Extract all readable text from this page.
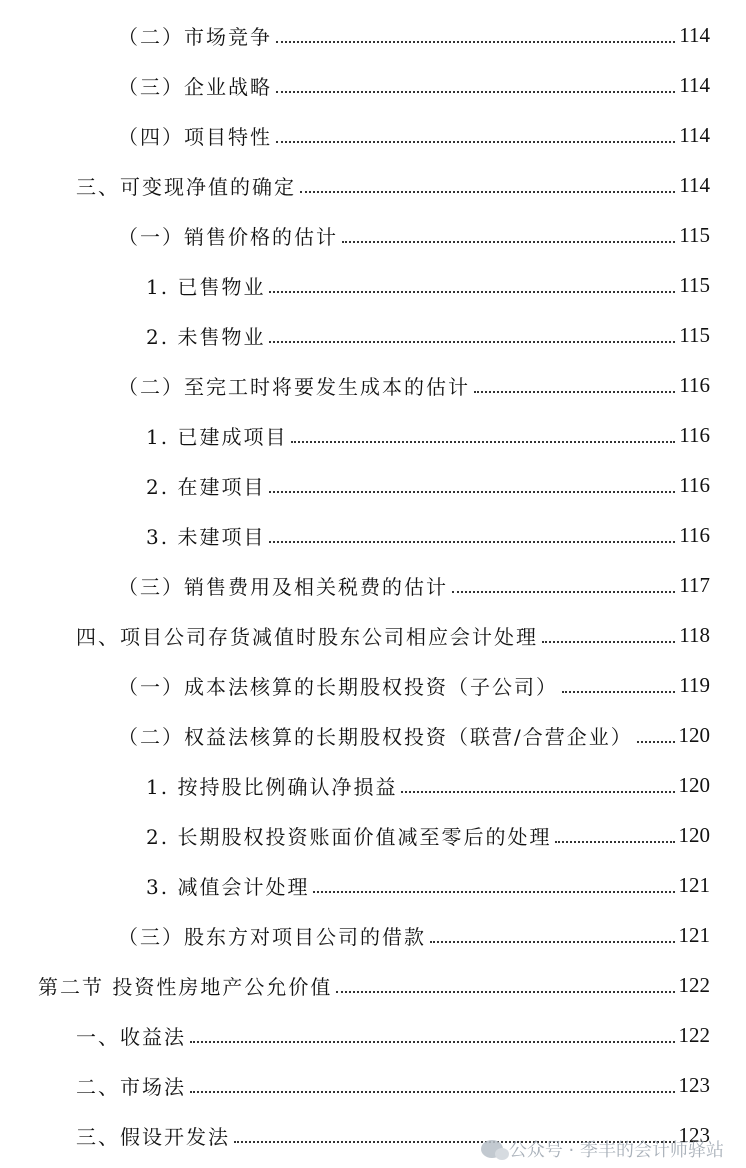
（二）市场竞争	114
（三）企业战略	114
（四）项目特性	114
三、可变现净值的确定	114
（一）销售价格的估计	115
1. 已售物业	115
2. 未售物业	115
（二）至完工时将要发生成本的估计	116
1. 已建成项目	116
2. 在建项目	116
3. 未建项目	116
（三）销售费用及相关税费的估计	117
四、项目公司存货减值时股东公司相应会计处理	118
（一）成本法核算的长期股权投资（子公司）	119
（二）权益法核算的长期股权投资（联营/合营企业） 120
1. 按持股比例确认净损益	120
2. 长期股权投资账面价值减至零后的处理	120
3. 减值会计处理	121
（三）股东方对项目公司的借款	121
第二节 投资性房地产公允价值	122
一、收益法	122
二、市场法	123
三、假设开发法	123
公众号 · 季丰的会计师驿站
